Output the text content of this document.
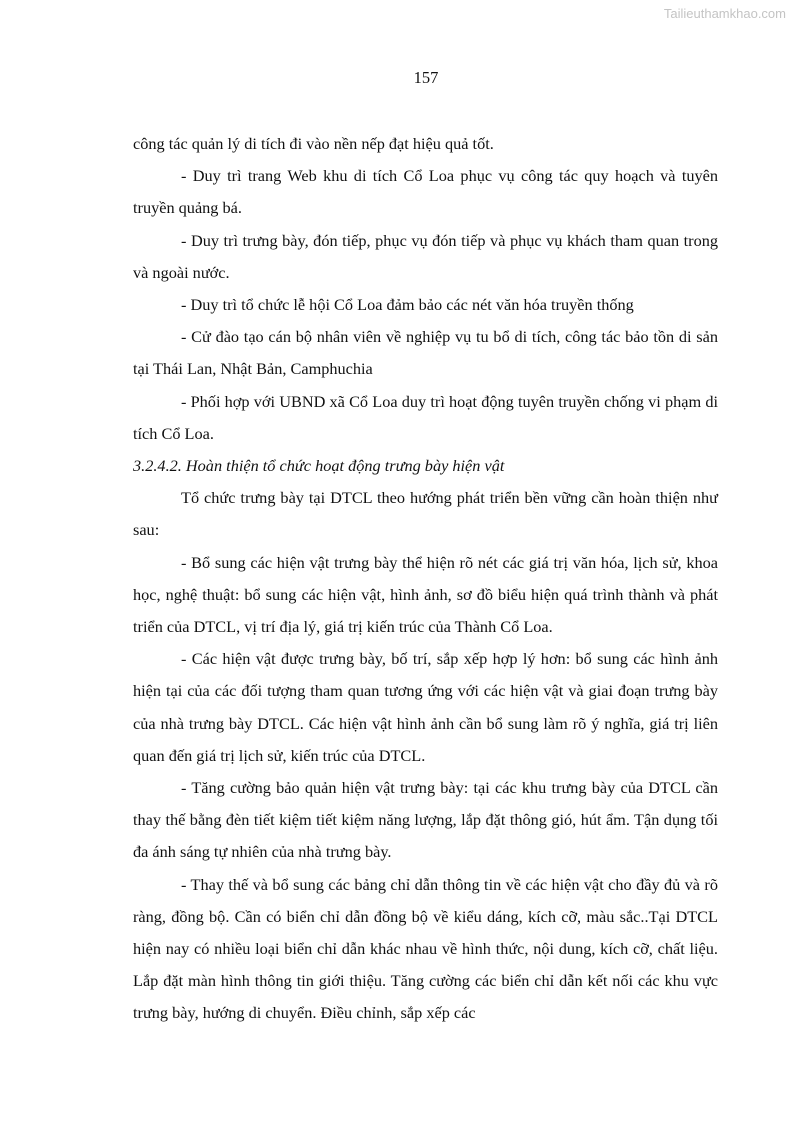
Tailieuthamkhao.com
157

công tác quản lý di tích đi vào nền nếp đạt hiệu quả tốt.

- Duy trì trang Web khu di tích Cổ Loa phục vụ công tác quy hoạch và tuyên truyền quảng bá.

- Duy trì trưng bày, đón tiếp, phục vụ đón tiếp và phục vụ khách tham quan trong và ngoài nước.

- Duy trì tổ chức lễ hội Cổ Loa đảm bảo các nét văn hóa truyền thống

- Cử đào tạo cán bộ nhân viên về nghiệp vụ tu bổ di tích, công tác bảo tồn di sản tại Thái Lan, Nhật Bản, Camphuchia

- Phối hợp với UBND xã Cổ Loa duy trì hoạt động tuyên truyền chống vi phạm di tích Cổ Loa.

3.2.4.2. Hoàn thiện tổ chức hoạt động trưng bày hiện vật

Tổ chức trưng bày tại DTCL theo hướng phát triển bền vững cần hoàn thiện như sau:

- Bổ sung các hiện vật trưng bày thể hiện rõ nét các giá trị văn hóa, lịch sử, khoa học, nghệ thuật: bổ sung các hiện vật, hình ảnh, sơ đồ biểu hiện quá trình thành và phát triển của DTCL, vị trí địa lý, giá trị kiến trúc của Thành Cổ Loa.

- Các hiện vật được trưng bày, bố trí, sắp xếp hợp lý hơn: bổ sung các hình ảnh hiện tại của các đối tượng tham quan tương ứng với các hiện vật và giai đoạn trưng bày của nhà trưng bày DTCL. Các hiện vật hình ảnh cần bổ sung làm rõ ý nghĩa, giá trị liên quan đến giá trị lịch sử, kiến trúc của DTCL.

- Tăng cường bảo quản hiện vật trưng bày: tại các khu trưng bày của DTCL cần thay thế bằng đèn tiết kiệm tiết kiệm năng lượng, lắp đặt thông gió, hút ẩm. Tận dụng tối đa ánh sáng tự nhiên của nhà trưng bày.

- Thay thế và bổ sung các bảng chỉ dẫn thông tin về các hiện vật cho đầy đủ và rõ ràng, đồng bộ. Cần có biển chỉ dẫn đồng bộ về kiểu dáng, kích cỡ, màu sắc..Tại DTCL hiện nay có nhiều loại biển chỉ dẫn khác nhau về hình thức, nội dung, kích cỡ, chất liệu. Lắp đặt màn hình thông tin giới thiệu. Tăng cường các biển chỉ dẫn kết nối các khu vực trưng bày, hướng di chuyển. Điều chỉnh, sắp xếp các
